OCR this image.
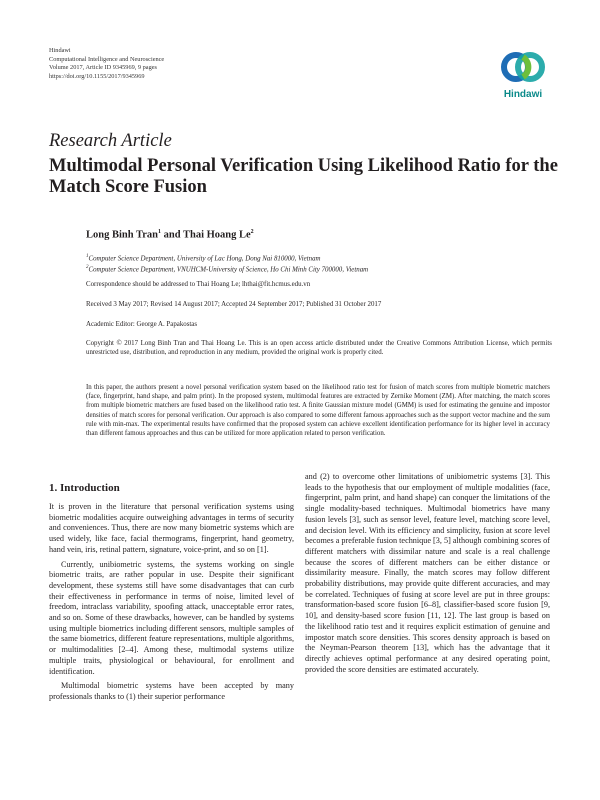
Hindawi
Computational Intelligence and Neuroscience
Volume 2017, Article ID 9345969, 9 pages
https://doi.org/10.1155/2017/9345969
Hindawi
Research Article
Multimodal Personal Verification Using Likelihood Ratio for the Match Score Fusion
Long Binh Tran$^1$ and Thai Hoang Le$^2$
$^1$Computer Science Department, University of Lac Hong, Dong Nai 810000, Vietnam
$^2$Computer Science Department, VNUHCM-University of Science, Ho Chi Minh City 700000, Vietnam
Correspondence should be addressed to Thai Hoang Le; lhthai@fit.hcmus.edu.vn
Received 3 May 2017; Revised 14 August 2017; Accepted 24 September 2017; Published 31 October 2017
Academic Editor: George A. Papakostas
Copyright © 2017 Long Binh Tran and Thai Hoang Le. This is an open access article distributed under the Creative Commons Attribution License, which permits unrestricted use, distribution, and reproduction in any medium, provided the original work is properly cited.
In this paper, the authors present a novel personal verification system based on the likelihood ratio test for fusion of match scores from multiple biometric matchers (face, fingerprint, hand shape, and palm print). In the proposed system, multimodal features are extracted by Zernike Moment (ZM). After matching, the match scores from multiple biometric matchers are fused based on the likelihood ratio test. A finite Gaussian mixture model (GMM) is used for estimating the genuine and impostor densities of match scores for personal verification. Our approach is also compared to some different famous approaches such as the support vector machine and the sum rule with min-max. The experimental results have confirmed that the proposed system can achieve excellent identification performance for its higher level in accuracy than different famous approaches and thus can be utilized for more application related to person verification.
1. Introduction

It is proven in the literature that personal verification systems using biometric modalities acquire outweighing advantages in terms of security and conveniences. Thus, there are now many biometric systems which are used widely, like face, facial thermograms, fingerprint, hand geometry, hand vein, iris, retinal pattern, signature, voice-print, and so on [1].

Currently, unibiometric systems, the systems working on single biometric traits, are rather popular in use. Despite their significant development, these systems still have some disadvantages that can curb their effectiveness in performance in terms of noise, limited level of freedom, intraclass variability, spoofing attack, unacceptable error rates, and so on. Some of these drawbacks, however, can be handled by systems using multiple biometrics including different sensors, multiple samples of the same biometrics, different feature representations, multiple algorithms, or multimodalities [2–4]. Among these, multimodal systems utilize multiple traits, physiological or behavioural, for enrollment and identification.

Multimodal biometric systems have been accepted by many professionals thanks to (1) their superior performance

and (2) to overcome other limitations of unibiometric systems [3]. This leads to the hypothesis that our employment of multiple modalities (face, fingerprint, palm print, and hand shape) can conquer the limitations of the single modality-based techniques. Multimodal biometrics have many fusion levels [3], such as sensor level, feature level, matching score level, and decision level. With its efficiency and simplicity, fusion at score level becomes a preferable fusion technique [3, 5] although combining scores of different matchers with dissimilar nature and scale is a real challenge because the scores of different matchers can be either distance or dissimilarity measure. Finally, the match scores may follow different probability distributions, may provide quite different accuracies, and may be correlated. Techniques of fusing at score level are put in three groups: transformation-based score fusion [6–8], classifier-based score fusion [9, 10], and density-based score fusion [11, 12]. The last group is based on the likelihood ratio test and it requires explicit estimation of genuine and impostor match score densities. This scores density approach is based on the Neyman-Pearson theorem [13], which has the advantage that it directly achieves optimal performance at any desired operating point, provided the score densities are estimated accurately.
